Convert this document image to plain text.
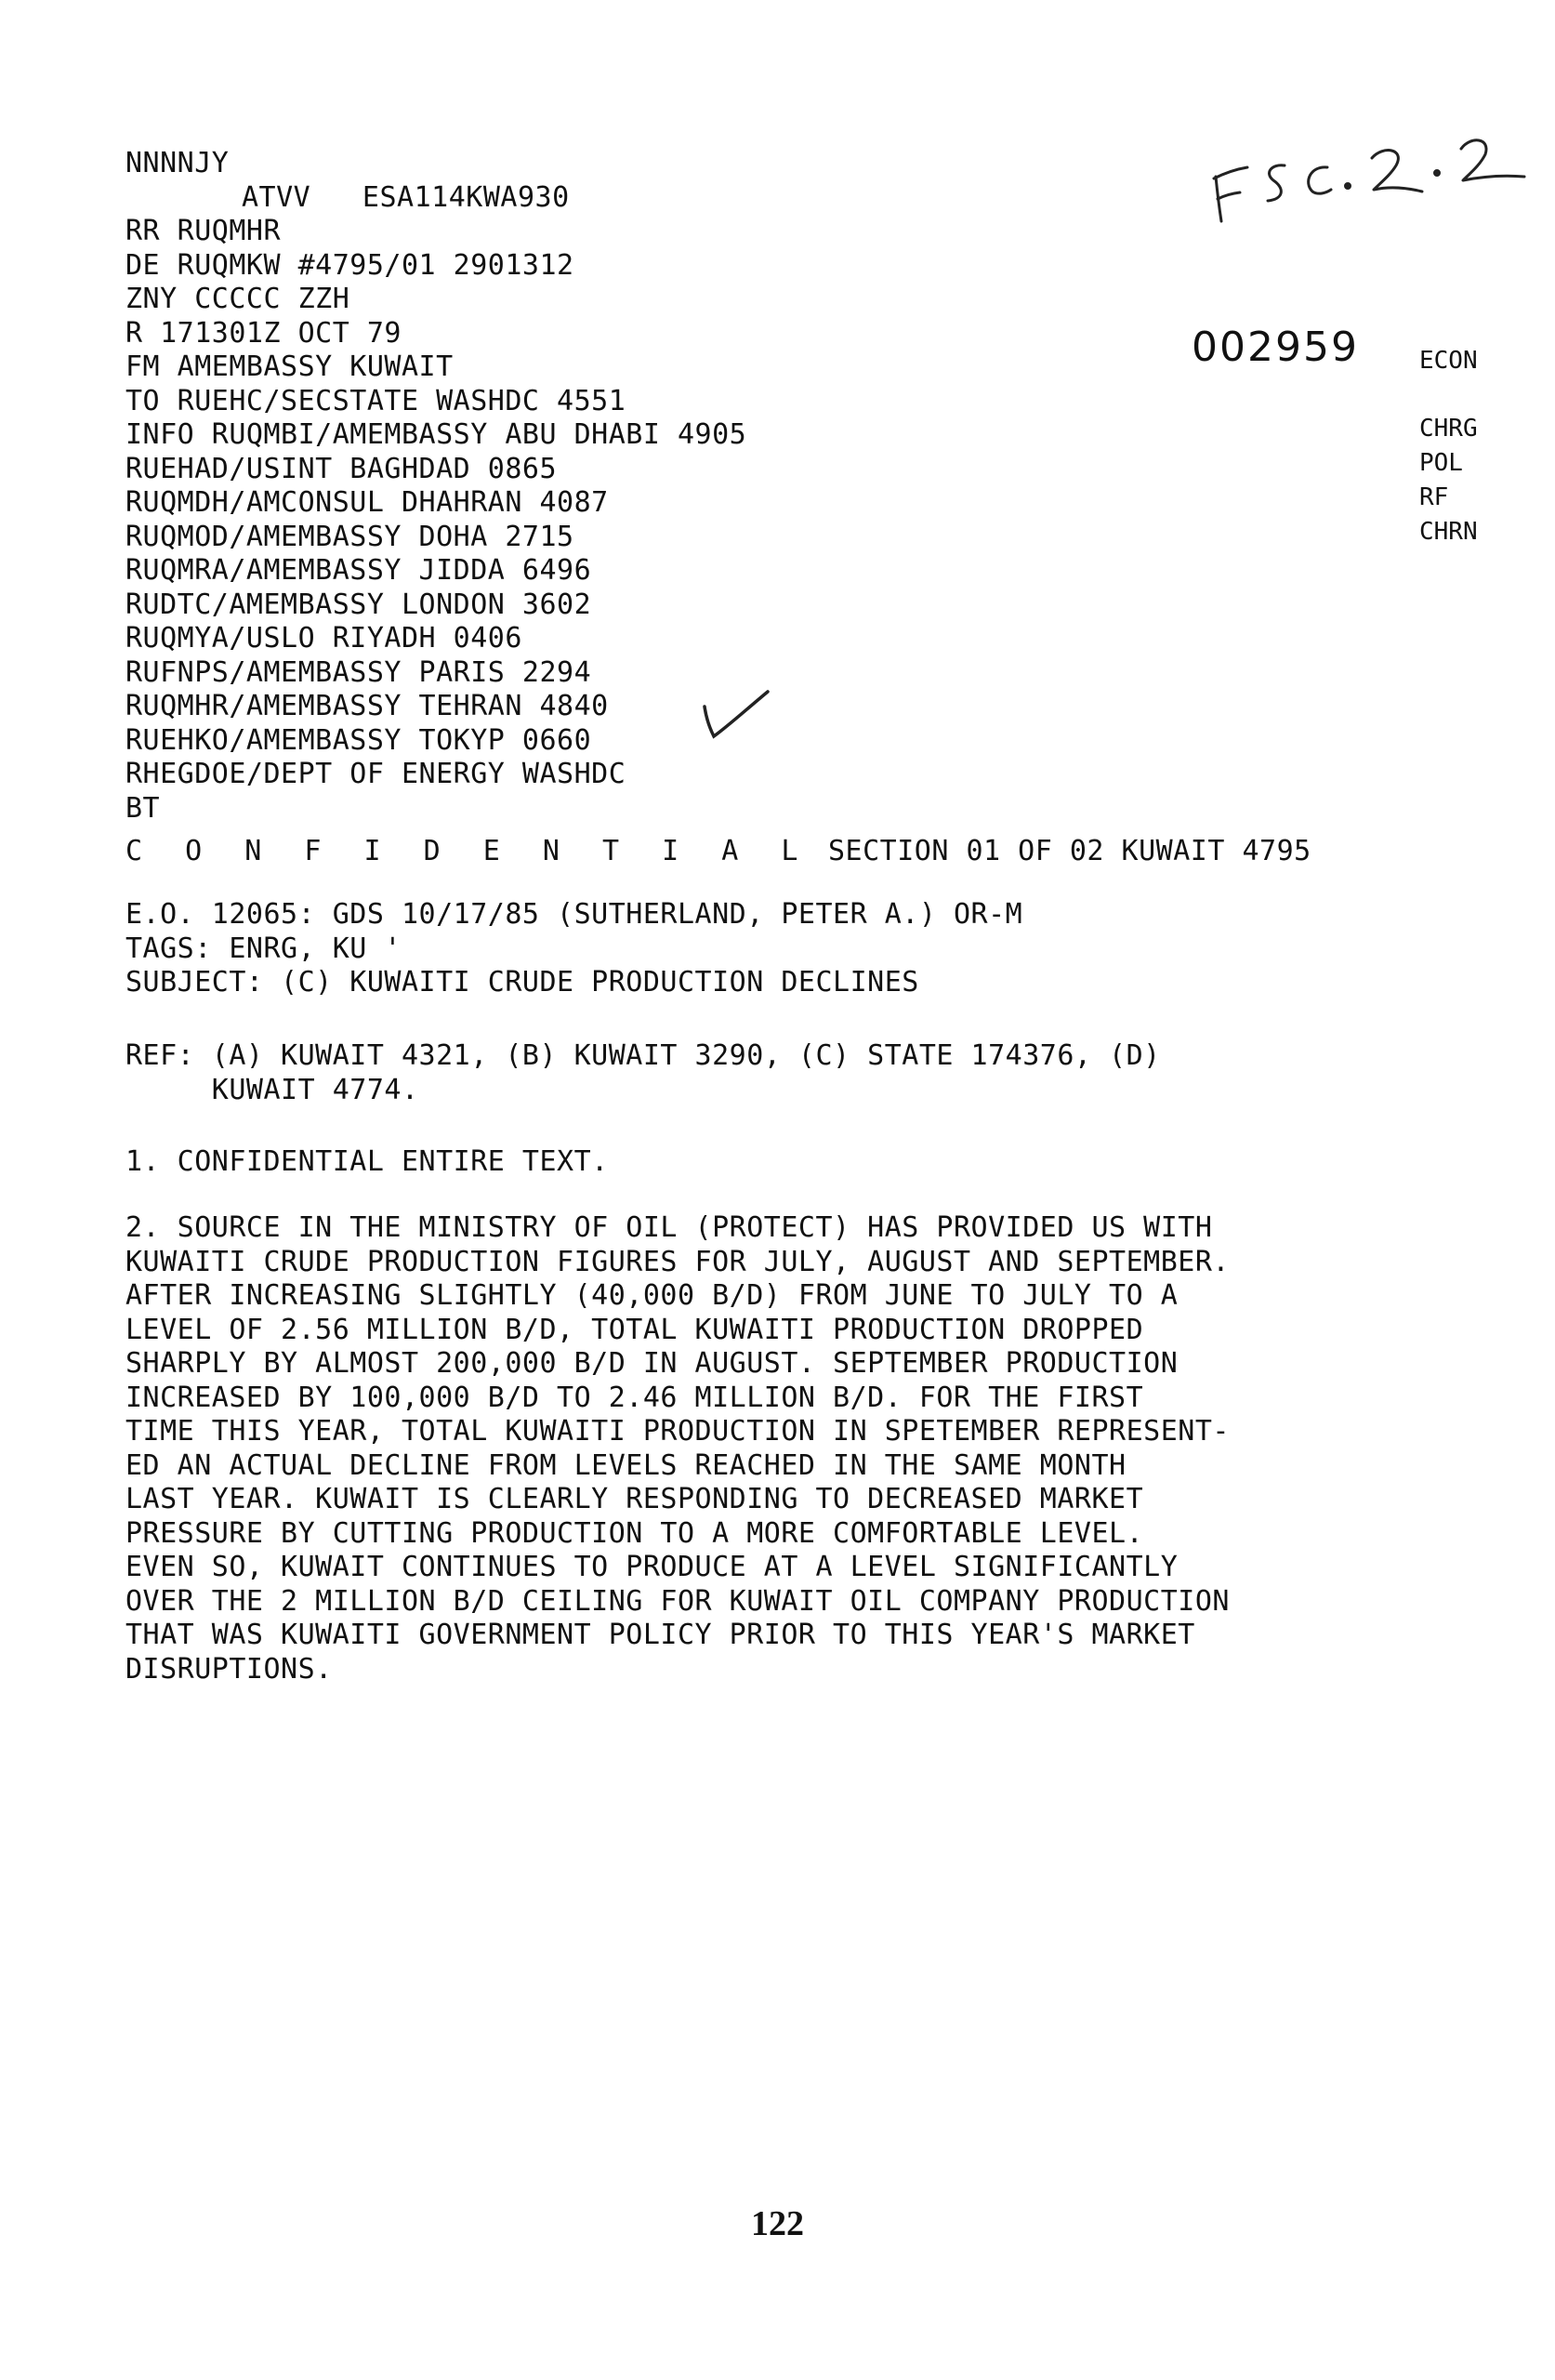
NNNNJY
ATVV   ESA114KWA930
RR RUQMHR
DE RUQMKW #4795/01 2901312
ZNY CCCCC ZZH
R 171301Z OCT 79
FM AMEMBASSY KUWAIT
TO RUEHC/SECSTATE WASHDC 4551
INFO RUQMBI/AMEMBASSY ABU DHABI 4905
RUEHAD/USINT BAGHDAD 0865
RUQMDH/AMCONSUL DHAHRAN 4087
RUQMOD/AMEMBASSY DOHA 2715
RUQMRA/AMEMBASSY JIDDA 6496
RUDTC/AMEMBASSY LONDON 3602
RUQMYA/USLO RIYADH 0406
RUFNPS/AMEMBASSY PARIS 2294
RUQMHR/AMEMBASSY TEHRAN 4840
RUEHKO/AMEMBASSY TOKYP 0660
RHEGDOE/DEPT OF ENERGY WASHDC
BT
002959	ECON
CHRG
POL
RF
CHRN
C O N F I D E N T I A L SECTION 01 OF 02 KUWAIT 4795
E.O. 12065: GDS 10/17/85 (SUTHERLAND, PETER A.) OR-M
TAGS: ENRG, KU '
SUBJECT: (C) KUWAITI CRUDE PRODUCTION DECLINES
REF: (A) KUWAIT 4321, (B) KUWAIT 3290, (C) STATE 174376, (D)
KUWAIT 4774.
1. CONFIDENTIAL ENTIRE TEXT.
2. SOURCE IN THE MINISTRY OF OIL (PROTECT) HAS PROVIDED US WITH
KUWAITI CRUDE PRODUCTION FIGURES FOR JULY, AUGUST AND SEPTEMBER.
AFTER INCREASING SLIGHTLY (40,000 B/D) FROM JUNE TO JULY TO A
LEVEL OF 2.56 MILLION B/D, TOTAL KUWAITI PRODUCTION DROPPED
SHARPLY BY ALMOST 200,000 B/D IN AUGUST. SEPTEMBER PRODUCTION
INCREASED BY 100,000 B/D TO 2.46 MILLION B/D. FOR THE FIRST
TIME THIS YEAR, TOTAL KUWAITI PRODUCTION IN SPETEMBER REPRESENT-
ED AN ACTUAL DECLINE FROM LEVELS REACHED IN THE SAME MONTH
LAST YEAR. KUWAIT IS CLEARLY RESPONDING TO DECREASED MARKET
PRESSURE BY CUTTING PRODUCTION TO A MORE COMFORTABLE LEVEL.
EVEN SO, KUWAIT CONTINUES TO PRODUCE AT A LEVEL SIGNIFICANTLY
OVER THE 2 MILLION B/D CEILING FOR KUWAIT OIL COMPANY PRODUCTION
THAT WAS KUWAITI GOVERNMENT POLICY PRIOR TO THIS YEAR'S MARKET
DISRUPTIONS.
122
